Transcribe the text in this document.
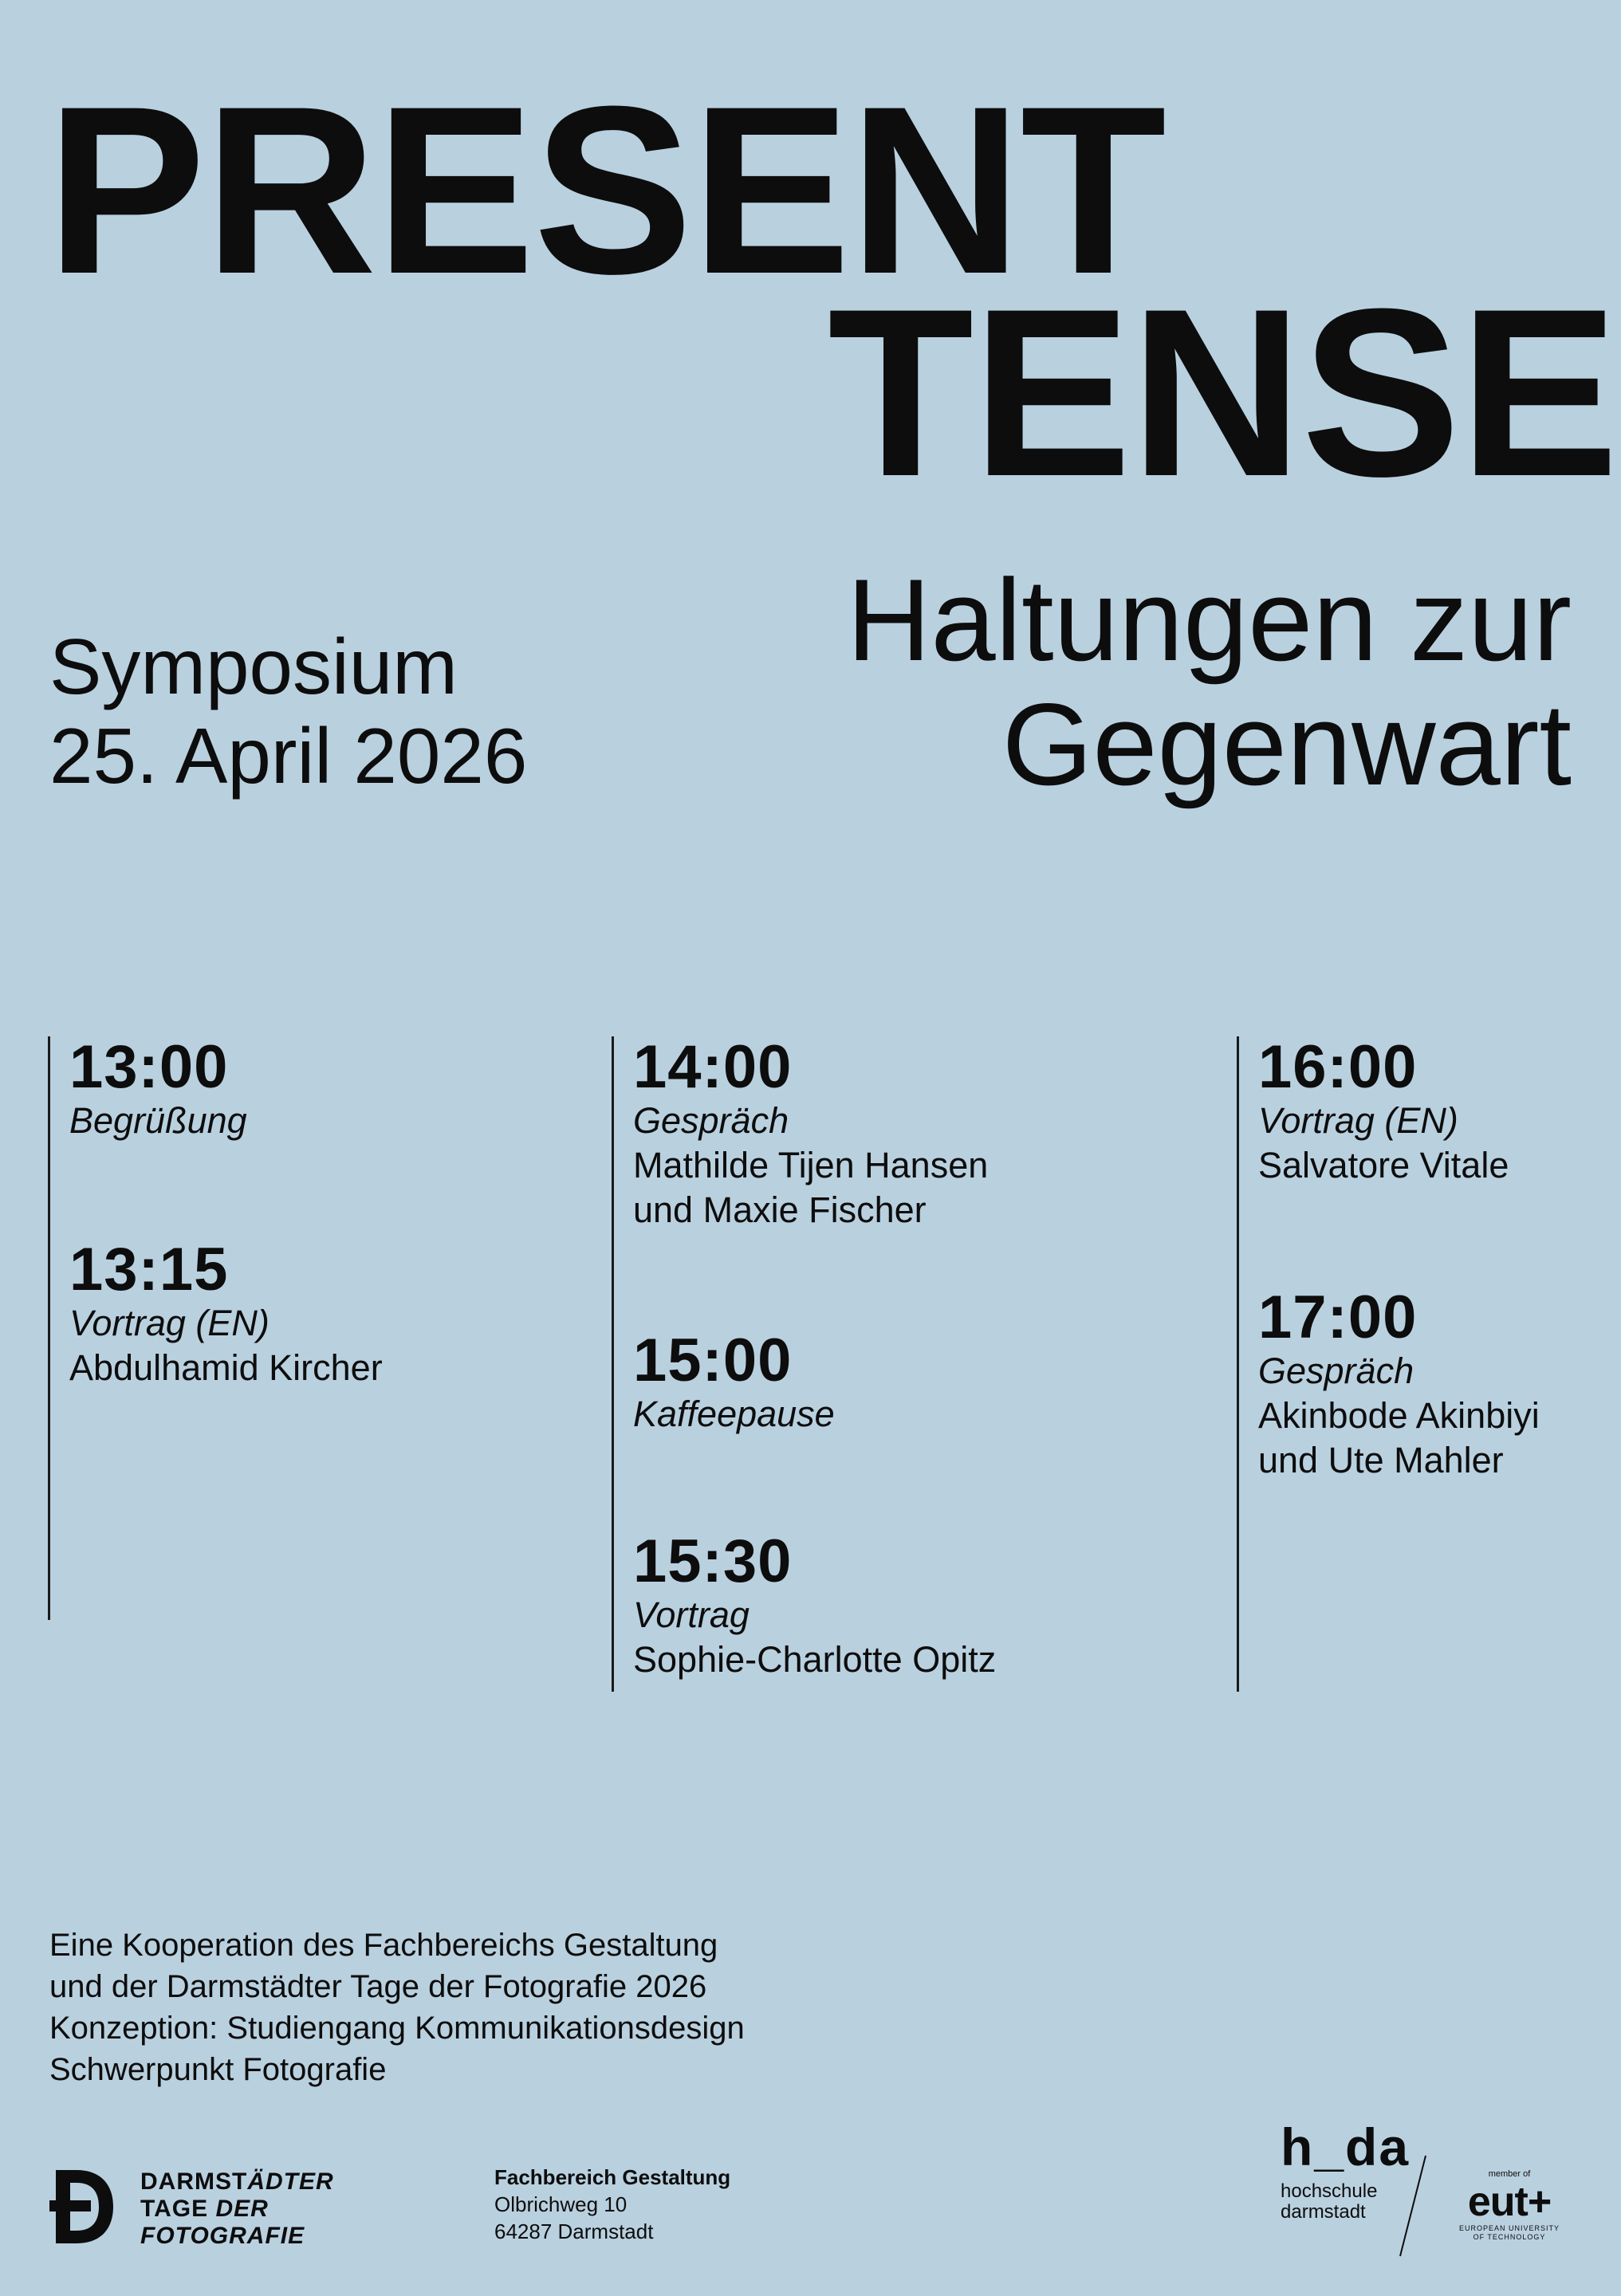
PRESENT
TENSE
Haltungen zur
Gegenwart
Symposium
25. April 2026
13:00
Begrüßung
13:15
Vortrag (EN)
Abdulhamid Kircher
14:00
Gespräch
Mathilde Tijen Hansen
und Maxie Fischer
15:00
Kaffeepause
15:30
Vortrag
Sophie-Charlotte Opitz
16:00
Vortrag (EN)
Salvatore Vitale
17:00
Gespräch
Akinbode Akinbiyi
und Ute Mahler
Eine Kooperation des Fachbereichs Gestaltung
und der Darmstädter Tage der Fotografie 2026
Konzeption: Studiengang Kommunikationsdesign
Schwerpunkt Fotografie
DARMSTÄDTER
TAGE DER
FOTOGRAFIE
Fachbereich Gestaltung
Olbrichweg 10
64287 Darmstadt
h_da
hochschule
darmstadt
member of
eut+
EUROPEAN UNIVERSITY
OF TECHNOLOGY
